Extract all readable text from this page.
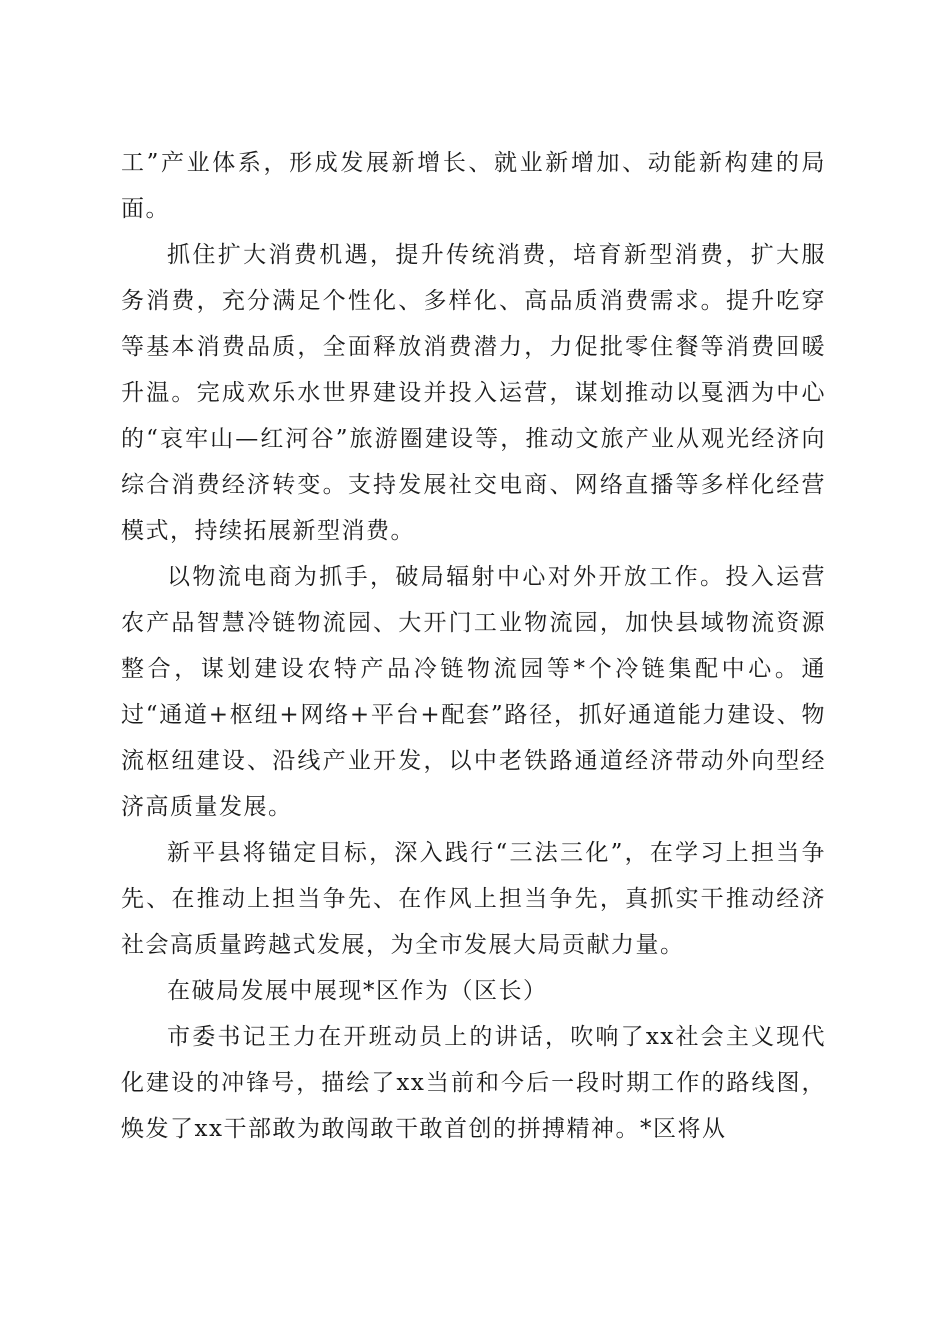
工”产业体系，形成发展新增长、就业新增加、动能新构建的局面。

抓住扩大消费机遇，提升传统消费，培育新型消费，扩大服务消费，充分满足个性化、多样化、高品质消费需求。提升吃穿等基本消费品质，全面释放消费潜力，力促批零住餐等消费回暖升温。完成欢乐水世界建设并投入运营，谋划推动以戛洒为中心的“哀牢山—红河谷”旅游圈建设等，推动文旅产业从观光经济向综合消费经济转变。支持发展社交电商、网络直播等多样化经营模式，持续拓展新型消费。

以物流电商为抓手，破局辐射中心对外开放工作。投入运营农产品智慧冷链物流园、大开门工业物流园，加快县域物流资源整合，谋划建设农特产品冷链物流园等*个冷链集配中心。通过“通道+枢纽+网络+平台+配套”路径，抓好通道能力建设、物流枢纽建设、沿线产业开发，以中老铁路通道经济带动外向型经济高质量发展。

新平县将锚定目标，深入践行“三法三化”，在学习上担当争先、在推动上担当争先、在作风上担当争先，真抓实干推动经济社会高质量跨越式发展，为全市发展大局贡献力量。

在破局发展中展现*区作为（区长）

市委书记王力在开班动员上的讲话，吹响了xx社会主义现代化建设的冲锋号，描绘了xx当前和今后一段时期工作的路线图，焕发了xx干部敢为敢闯敢干敢首创的拼搏精神。*区将从
